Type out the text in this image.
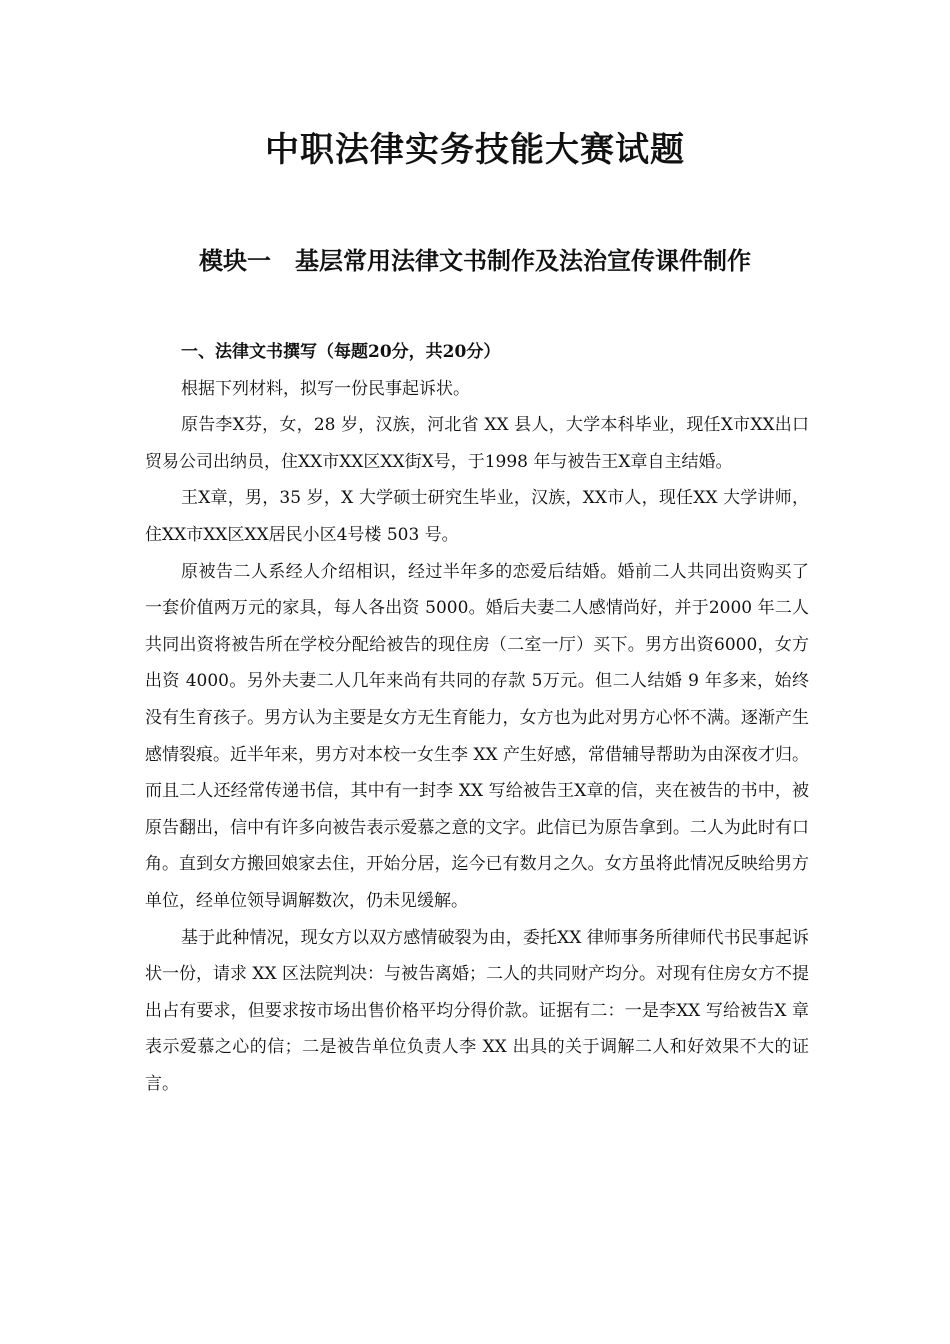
中职法律实务技能大赛试题
模块一 基层常用法律文书制作及法治宣传课件制作

一、法律文书撰写（每题20分，共20分）

根据下列材料，拟写一份民事起诉状。

原告李X芬，女，28 岁，汉族，河北省 XX 县人，大学本科毕业，现任X市XX出口贸易公司出纳员，住XX市XX区XX街X号，于1998 年与被告王X章自主结婚。

王X章，男，35 岁，X 大学硕士研究生毕业，汉族，XX市人，现任XX 大学讲师，住XX市XX区XX居民小区4号楼 503 号。

原被告二人系经人介绍相识，经过半年多的恋爱后结婚。婚前二人共同出资购买了一套价值两万元的家具，每人各出资 5000。婚后夫妻二人感情尚好，并于2000 年二人共同出资将被告所在学校分配给被告的现住房（二室一厅）买下。男方出资6000，女方出资 4000。另外夫妻二人几年来尚有共同的存款 5万元。但二人结婚 9 年多来，始终没有生育孩子。男方认为主要是女方无生育能力，女方也为此对男方心怀不满。逐渐产生感情裂痕。近半年来，男方对本校一女生李 XX 产生好感，常借辅导帮助为由深夜才归。而且二人还经常传递书信，其中有一封李 XX 写给被告王X章的信，夹在被告的书中，被原告翻出，信中有许多向被告表示爱慕之意的文字。此信已为原告拿到。二人为此时有口角。直到女方搬回娘家去住，开始分居，迄今已有数月之久。女方虽将此情况反映给男方单位，经单位领导调解数次，仍未见缓解。

基于此种情况，现女方以双方感情破裂为由，委托XX 律师事务所律师代书民事起诉状一份，请求 XX 区法院判决：与被告离婚；二人的共同财产均分。对现有住房女方不提出占有要求，但要求按市场出售价格平均分得价款。证据有二：一是李XX 写给被告X 章表示爱慕之心的信；二是被告单位负责人李 XX 出具的关于调解二人和好效果不大的证言。
